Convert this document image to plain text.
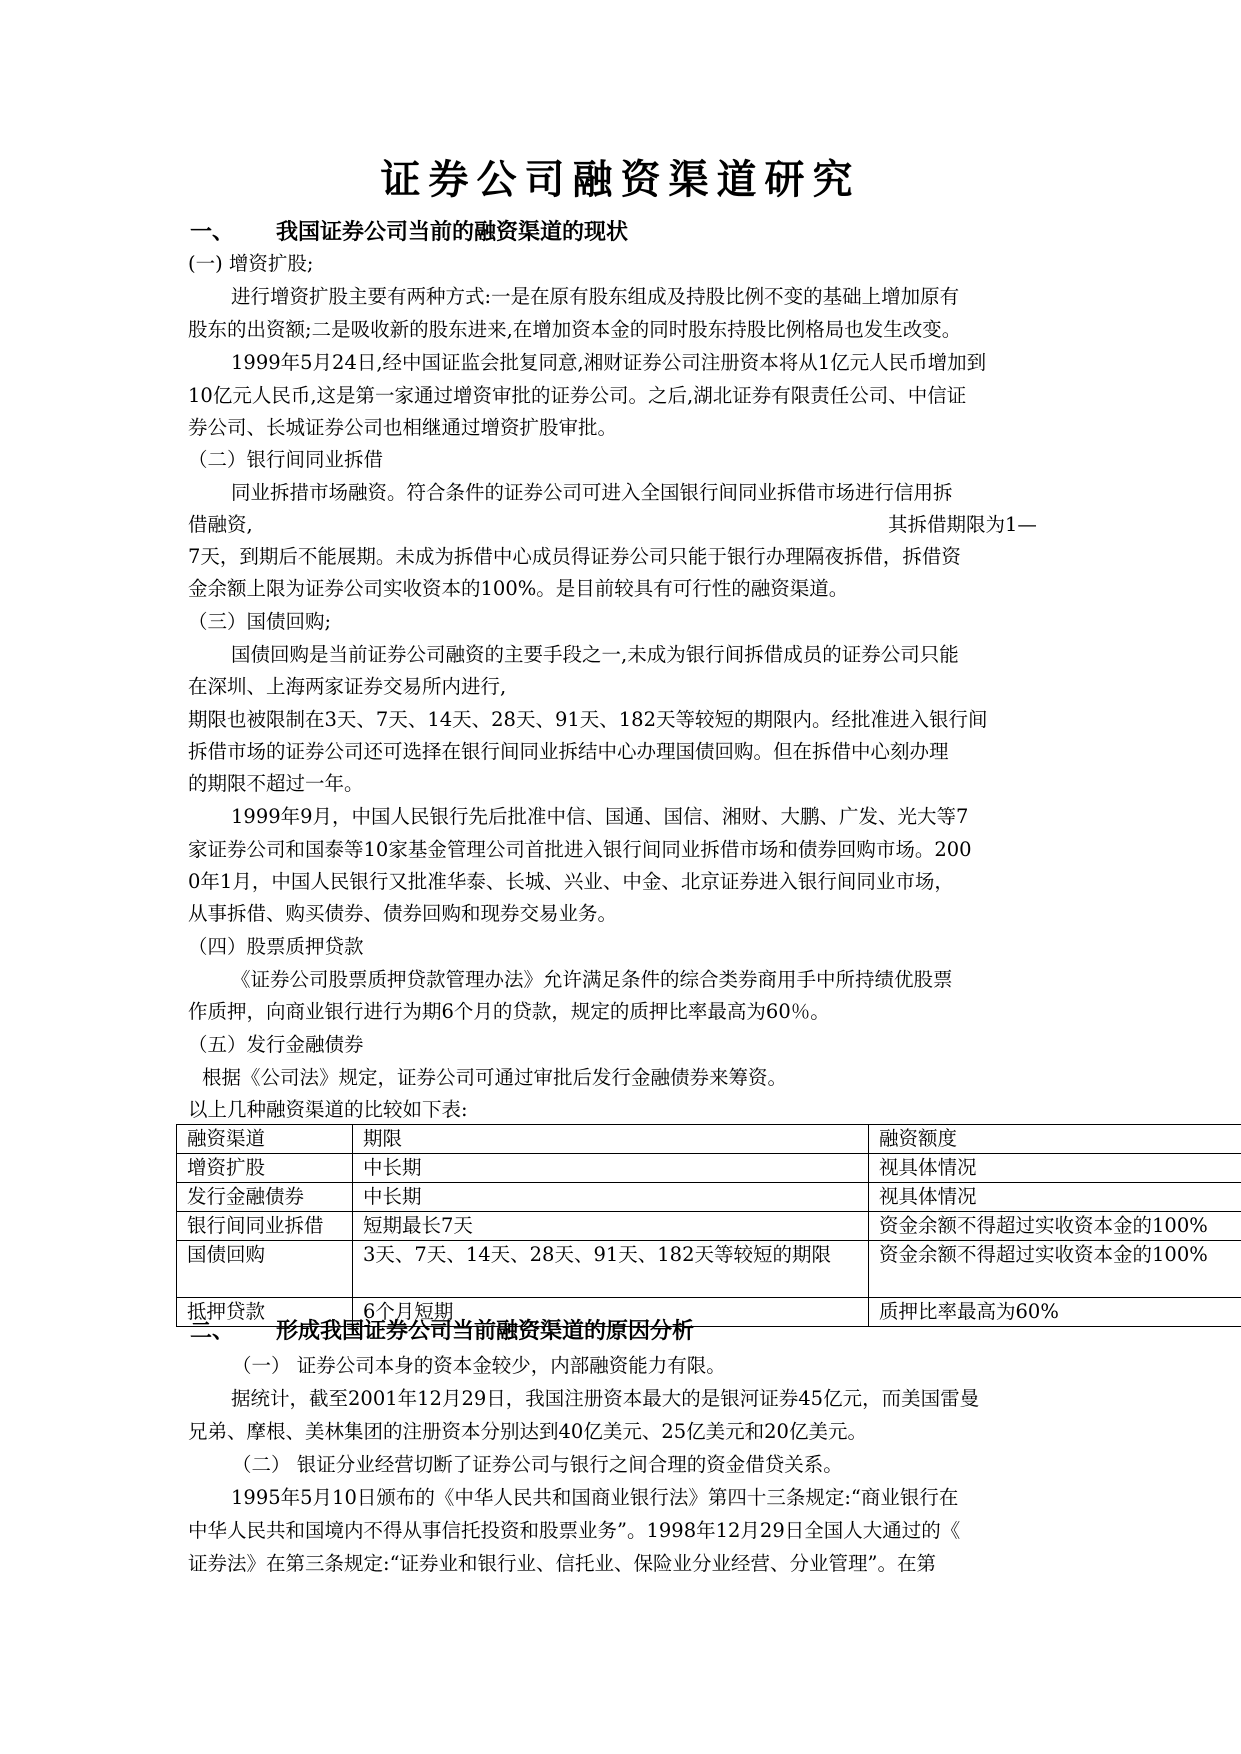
证券公司融资渠道研究
一、 我国证券公司当前的融资渠道的现状
(一) 增资扩股;
进行增资扩股主要有两种方式:一是在原有股东组成及持股比例不变的基础上增加原有
股东的出资额;二是吸收新的股东进来,在增加资本金的同时股东持股比例格局也发生改变。
1999年5月24日,经中国证监会批复同意,湘财证券公司注册资本将从1亿元人民币增加到
10亿元人民币,这是第一家通过增资审批的证券公司。之后,湖北证券有限责任公司、中信证
券公司、长城证券公司也相继通过增资扩股审批。
（二）银行间同业拆借
同业拆措市场融资。符合条件的证券公司可进入全国银行间同业拆借市场进行信用拆
借融资,	其拆借期限为1—
7天，到期后不能展期。未成为拆借中心成员得证券公司只能于银行办理隔夜拆借，拆借资
金余额上限为证券公司实收资本的100%。是目前较具有可行性的融资渠道。
（三）国债回购;
国债回购是当前证券公司融资的主要手段之一,未成为银行间拆借成员的证券公司只能
在深圳、上海两家证券交易所内进行,
期限也被限制在3天、7天、14天、28天、91天、182天等较短的期限内。经批准进入银行间
拆借市场的证券公司还可选择在银行间同业拆结中心办理国债回购。但在拆借中心刻办理
的期限不超过一年。
1999年9月，中国人民银行先后批准中信、国通、国信、湘财、大鹏、广发、光大等7
家证券公司和国泰等10家基金管理公司首批进入银行间同业拆借市场和债券回购市场。200
0年1月，中国人民银行又批准华泰、长城、兴业、中金、北京证券进入银行间同业市场，
从事拆借、购买债券、债券回购和现券交易业务。
（四）股票质押贷款
《证券公司股票质押贷款管理办法》允许满足条件的综合类券商用手中所持绩优股票
作质押，向商业银行进行为期6个月的贷款，规定的质押比率最高为60％。
（五）发行金融债券
根据《公司法》规定，证券公司可通过审批后发行金融债券来筹资。
以上几种融资渠道的比较如下表:
融资渠道	期限	融资额度
增资扩股	中长期	视具体情况
发行金融债券	中长期	视具体情况
银行间同业拆借	短期最长7天	资金余额不得超过实收资本金的100%
国债回购	3天、7天、14天、28天、91天、182天等较短的期限	资金余额不得超过实收资本金的100%
抵押贷款	6个月短期	质押比率最高为60%
二、 形成我国证券公司当前融资渠道的原因分析
（一） 证券公司本身的资本金较少，内部融资能力有限。
据统计，截至2001年12月29日，我国注册资本最大的是银河证券45亿元，而美国雷曼
兄弟、摩根、美林集团的注册资本分别达到40亿美元、25亿美元和20亿美元。
（二） 银证分业经营切断了证券公司与银行之间合理的资金借贷关系。
1995年5月10日颁布的《中华人民共和国商业银行法》第四十三条规定:“商业银行在
中华人民共和国境内不得从事信托投资和股票业务”。1998年12月29日全国人大通过的《
证券法》在第三条规定:“证券业和银行业、信托业、保险业分业经营、分业管理”。在第
